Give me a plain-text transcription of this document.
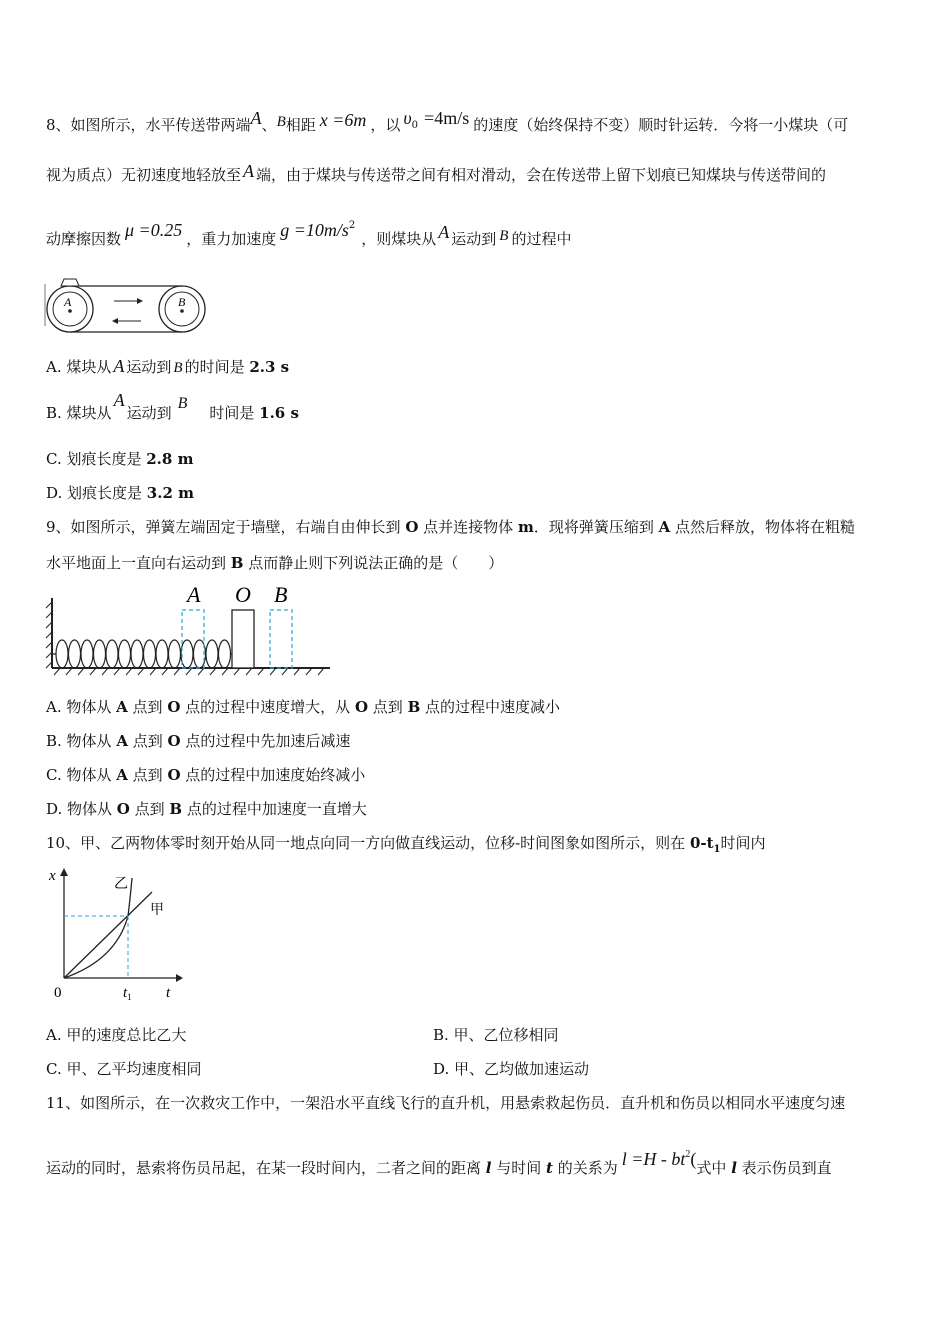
8、如图所示，水平传送带两端A、B相距 x =6m ，以 $\upsilon_0 =4m/s$ 的速度（始终保持不变）顺时针运转．今将一小煤块（可
视为质点）无初速度地轻放至 A 端，由于煤块与传送带之间有相对滑动，会在传送带上留下划痕已知煤块与传送带间的
动摩擦因数 μ =0.25 ，重力加速度 $g =10m/s^2$，则煤块从 A 运动到 B 的过程中
A	B
A. 煤块从 A 运动到 B 的时间是 2.3 s
B. 煤块从A运动到B时间是 1.6 s
C. 划痕长度是 2.8 m
D. 划痕长度是 3.2 m
9、如图所示，弹簧左端固定于墙壁，右端自由伸长到 O 点并连接物体 m．现将弹簧压缩到 A 点然后释放，物体将在粗糙
水平地面上一直向右运动到 B 点而静止则下列说法正确的是（　　）
A O B
A. 物体从 A 点到 O 点的过程中速度增大，从 O 点到 B 点的过程中速度减小
B. 物体从 A 点到 O 点的过程中先加速后减速
C. 物体从 A 点到 O 点的过程中加速度始终减小
D. 物体从 O 点到 B 点的过程中加速度一直增大
10、甲、乙两物体零时刻开始从同一地点向同一方向做直线运动，位移-时间图象如图所示，则在 $0-t_1$时间内
x
t
0	$t_1$
乙
甲
A. 甲的速度总比乙大	B. 甲、乙位移相同
C. 甲、乙平均速度相同	D. 甲、乙均做加速运动
11、如图所示，在一次救灾工作中，一架沿水平直线飞行的直升机，用悬索救起伤员．直升机和伤员以相同水平速度匀速
运动的同时，悬索将伤员吊起，在某一段时间内，二者之间的距离 l 与时间 t 的关系为 $l =H - bt^2$(式中 l 表示伤员到直
